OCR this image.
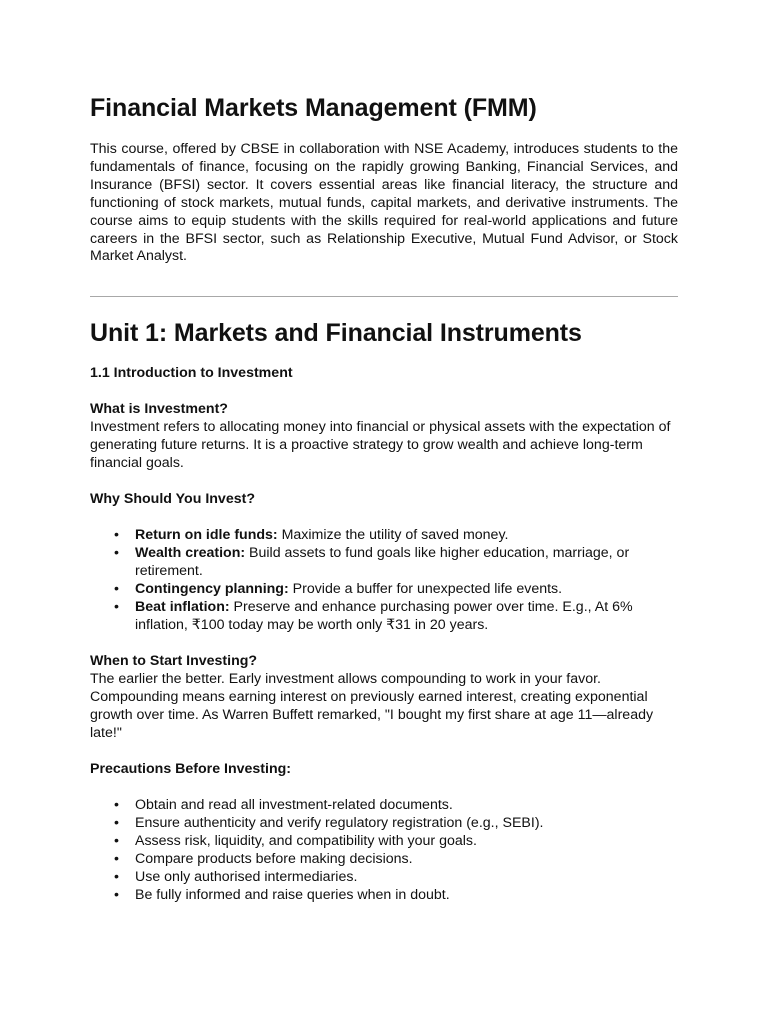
Financial Markets Management (FMM)

This course, offered by CBSE in collaboration with NSE Academy, introduces students to the fundamentals of finance, focusing on the rapidly growing Banking, Financial Services, and Insurance (BFSI) sector. It covers essential areas like financial literacy, the structure and functioning of stock markets, mutual funds, capital markets, and derivative instruments. The course aims to equip students with the skills required for real-world applications and future careers in the BFSI sector, such as Relationship Executive, Mutual Fund Advisor, or Stock Market Analyst.

Unit 1: Markets and Financial Instruments
1.1 Introduction to Investment
What is Investment?

Investment refers to allocating money into financial or physical assets with the expectation of generating future returns. It is a proactive strategy to grow wealth and achieve long-term financial goals.

Why Should You Invest?
• Return on idle funds: Maximize the utility of saved money.
• Wealth creation: Build assets to fund goals like higher education, marriage, or retirement.
• Contingency planning: Provide a buffer for unexpected life events.
• Beat inflation: Preserve and enhance purchasing power over time. E.g., At 6% inflation, ₹100 today may be worth only ₹31 in 20 years.
When to Start Investing?

The earlier the better. Early investment allows compounding to work in your favor. Compounding means earning interest on previously earned interest, creating exponential growth over time. As Warren Buffett remarked, "I bought my first share at age 11—already late!"

Precautions Before Investing:
• Obtain and read all investment-related documents.
• Ensure authenticity and verify regulatory registration (e.g., SEBI).
• Assess risk, liquidity, and compatibility with your goals.
• Compare products before making decisions.
• Use only authorised intermediaries.
• Be fully informed and raise queries when in doubt.
